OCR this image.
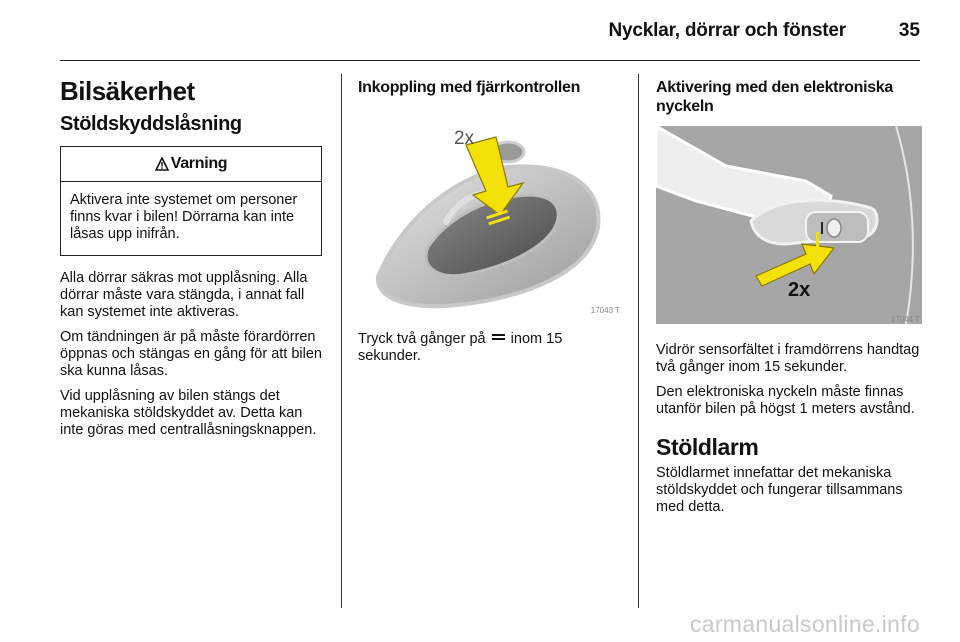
Nycklar, dörrar och fönster	35
Bilsäkerhet
Stöldskyddslåsning
Varning

Aktivera inte systemet om personer finns kvar i bilen! Dörrarna kan inte låsas upp inifrån.

Alla dörrar säkras mot upplåsning. Alla dörrar måste vara stängda, i annat fall kan systemet inte aktiveras.

Om tändningen är på måste förardörren öppnas och stängas en gång för att bilen ska kunna låsas.

Vid upplåsning av bilen stängs det mekaniska stöldskyddet av. Detta kan inte göras med centrallåsningsknappen.

Inkoppling med fjärrkontrollen
2x
17043 T

Tryck två gånger på inom 15 sekunder.

Aktivering med den elektroniska nyckeln
2x
17044 T

Vidrör sensorfältet i framdörrens handtag två gånger inom 15 sekunder.

Den elektroniska nyckeln måste finnas utanför bilen på högst 1 meters avstånd.

Stöldlarm

Stöldlarmet innefattar det mekaniska stöldskyddet och fungerar tillsammans med detta.

carmanualsonline.info
